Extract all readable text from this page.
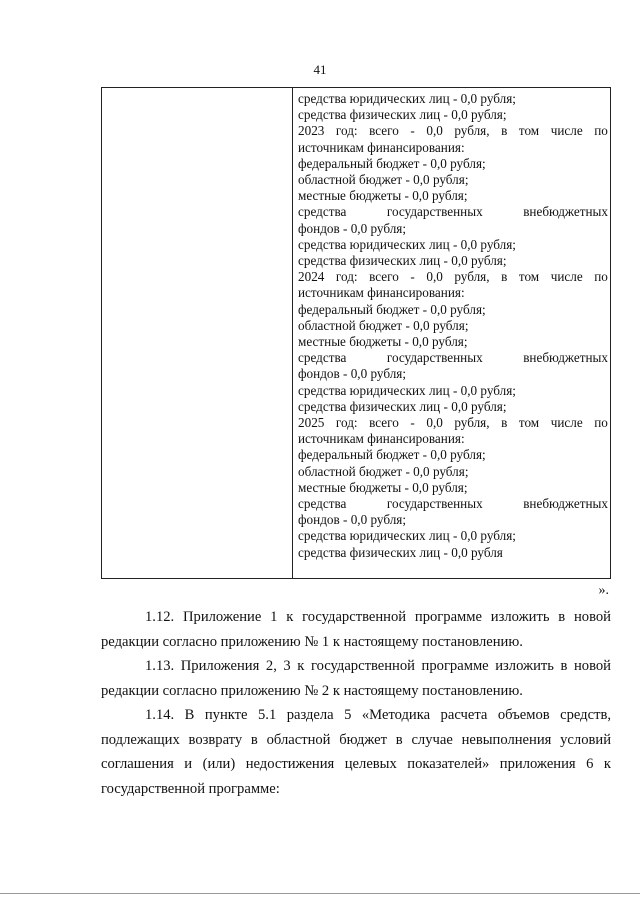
41
средства юридических лиц - 0,0 рубля;
средства физических лиц - 0,0 рубля;
2023 год: всего - 0,0 рубля, в том числе по
источникам финансирования:
федеральный бюджет - 0,0 рубля;
областной бюджет - 0,0 рубля;
местные бюджеты - 0,0 рубля;
средства	государственных	внебюджетных
фондов - 0,0 рубля;
средства юридических лиц - 0,0 рубля;
средства физических лиц - 0,0 рубля;
2024 год: всего - 0,0 рубля, в том числе по
источникам финансирования:
федеральный бюджет - 0,0 рубля;
областной бюджет - 0,0 рубля;
местные бюджеты - 0,0 рубля;
средства	государственных	внебюджетных
фондов - 0,0 рубля;
средства юридических лиц - 0,0 рубля;
средства физических лиц - 0,0 рубля;
2025 год: всего - 0,0 рубля, в том числе по
источникам финансирования:
федеральный бюджет - 0,0 рубля;
областной бюджет - 0,0 рубля;
местные бюджеты - 0,0 рубля;
средства	государственных	внебюджетных
фондов - 0,0 рубля;
средства юридических лиц - 0,0 рубля;
средства физических лиц - 0,0 рубля
».
1.12. Приложение 1 к государственной программе изложить в новой редакции согласно приложению № 1 к настоящему постановлению.
1.13. Приложения 2, 3 к государственной программе изложить в новой редакции согласно приложению № 2 к настоящему постановлению.
1.14. В пункте 5.1 раздела 5 «Методика расчета объемов средств, подлежащих возврату в областной бюджет в случае невыполнения условий соглашения и (или) недостижения целевых показателей» приложения 6 к государственной программе:
